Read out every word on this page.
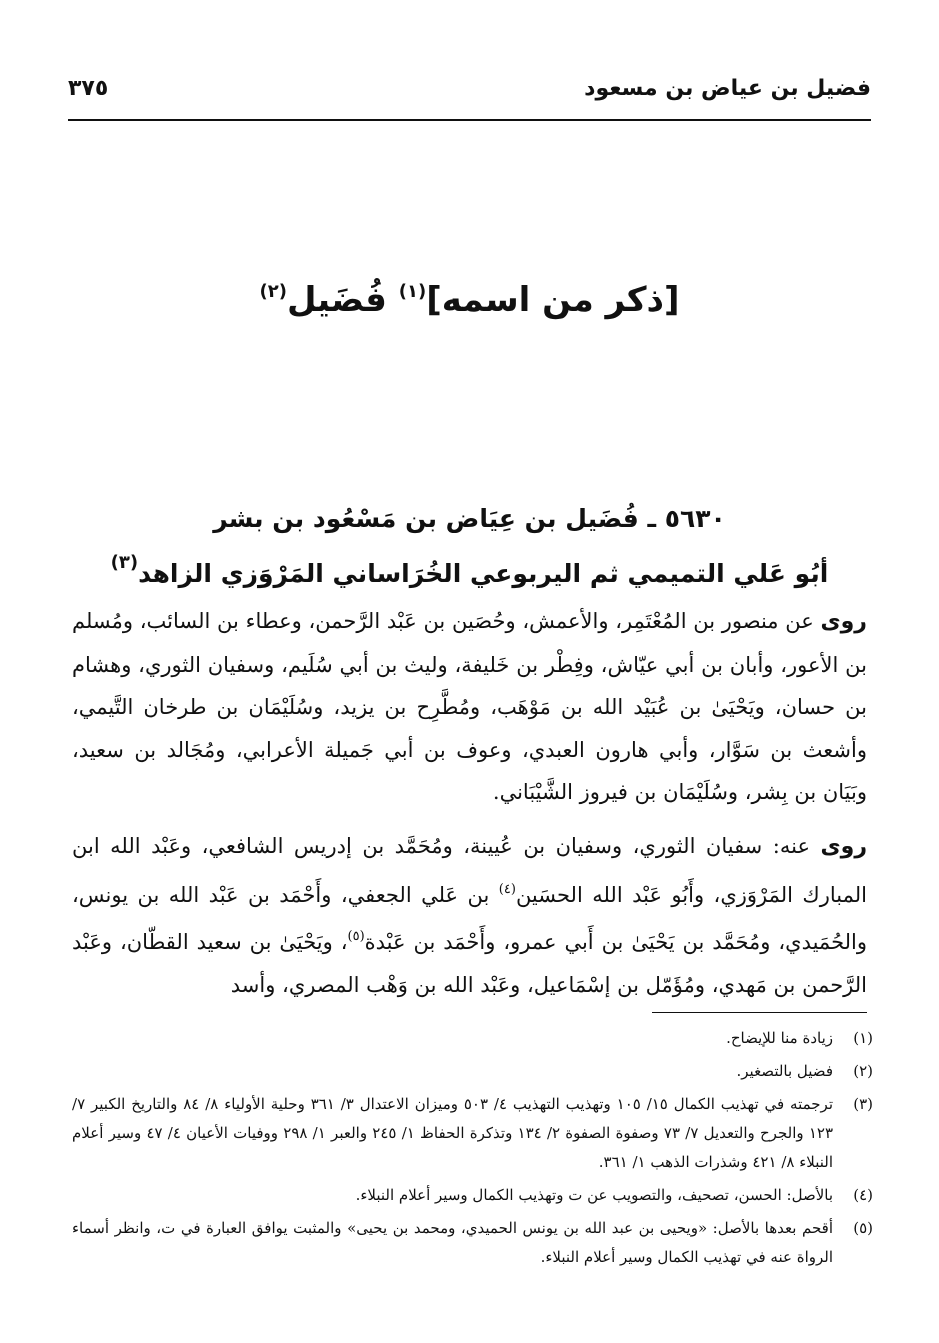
فضيل بن عياض بن مسعود
٣٧٥
[ذكر من اسمه]$^{(١)}$ فُضَيل$^{(٢)}$
٥٦٣٠ ـ فُضَيل بن عِيَاض بن مَسْعُود بن بشر
أبُو عَلي التميمي ثم اليربوعي الخُرَاساني المَرْوَزي الزاهد$^{(٣)}$
روى عن منصور بن المُعْتَمِر، والأعمش، وحُصَين بن عَبْد الرَّحمن، وعطاء بن السائب، ومُسلم بن الأعور، وأبان بن أبي عيّاش، وفِطْر بن خَليفة، وليث بن أبي سُلَيم، وسفيان الثوري، وهشام بن حسان، ويَحْيَىٰ بن عُبَيْد الله بن مَوْهَب، ومُطَّرِح بن يزيد، وسُلَيْمَان بن طرخان التَّيمي، وأشعث بن سَوَّار، وأبي هارون العبدي، وعوف بن أبي جَميلة الأعرابي، ومُجَالد بن سعيد، وبَيَان بن بِشر، وسُلَيْمَان بن فيروز الشَّيْبَاني.
روى عنه: سفيان الثوري، وسفيان بن عُيينة، ومُحَمَّد بن إدريس الشافعي، وعَبْد الله ابن المبارك المَرْوَزي، وأَبُو عَبْد الله الحسَين$^{(٤)}$ بن عَلي الجعفي، وأَحْمَد بن عَبْد الله بن يونس، والحُمَيدي، ومُحَمَّد بن يَحْيَىٰ بن أَبي عمرو، وأَحْمَد بن عَبْدة$^{(٥)}$، ويَحْيَىٰ بن سعيد القطّان، وعَبْد الرَّحمن بن مَهدي، ومُؤَمّل بن إسْمَاعيل، وعَبْد الله بن وَهْب المصري، وأسد
(١)
زيادة منا للإيضاح.
(٢)
فضيل بالتصغير.
(٣)
ترجمته في تهذيب الكمال ١٥/ ١٠٥ وتهذيب التهذيب ٤/ ٥٠٣ وميزان الاعتدال ٣/ ٣٦١ وحلية الأولياء ٨/ ٨٤ والتاريخ الكبير ٧/ ١٢٣ والجرح والتعديل ٧/ ٧٣ وصفوة الصفوة ٢/ ١٣٤ وتذكرة الحفاظ ١/ ٢٤٥ والعبر ١/ ٢٩٨ ووفيات الأعيان ٤/ ٤٧ وسير أعلام النبلاء ٨/ ٤٢١ وشذرات الذهب ١/ ٣٦١.
(٤)
بالأصل: الحسن، تصحيف، والتصويب عن ت وتهذيب الكمال وسير أعلام النبلاء.
(٥)
أقحم بعدها بالأصل: «ويحيى بن عبد الله بن يونس الحميدي، ومحمد بن يحيى» والمثبت يوافق العبارة في ت، وانظر أسماء الرواة عنه في تهذيب الكمال وسير أعلام النبلاء.
